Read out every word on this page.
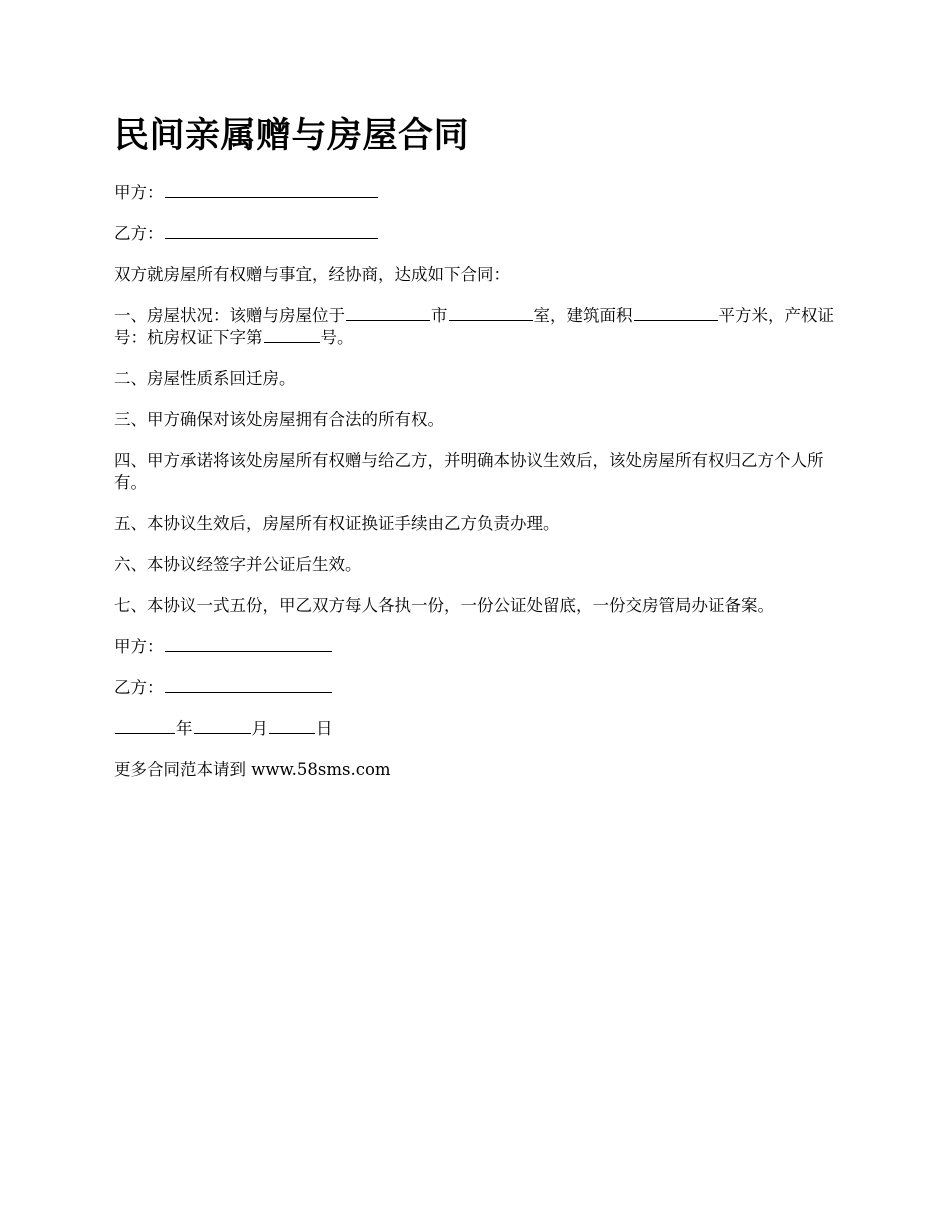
民间亲属赠与房屋合同

甲方：

乙方：

双方就房屋所有权赠与事宜，经协商，达成如下合同：

一、房屋状况：该赠与房屋位于	市	室，建筑面积	平方米，产权证号：杭房权证下字第	号。

二、房屋性质系回迁房。

三、甲方确保对该处房屋拥有合法的所有权。

四、甲方承诺将该处房屋所有权赠与给乙方，并明确本协议生效后，该处房屋所有权归乙方个人所有。

五、本协议生效后，房屋所有权证换证手续由乙方负责办理。

六、本协议经签字并公证后生效。

七、本协议一式五份，甲乙双方每人各执一份，一份公证处留底，一份交房管局办证备案。

甲方：

乙方：

年	月	日

更多合同范本请到 www.58sms.com
